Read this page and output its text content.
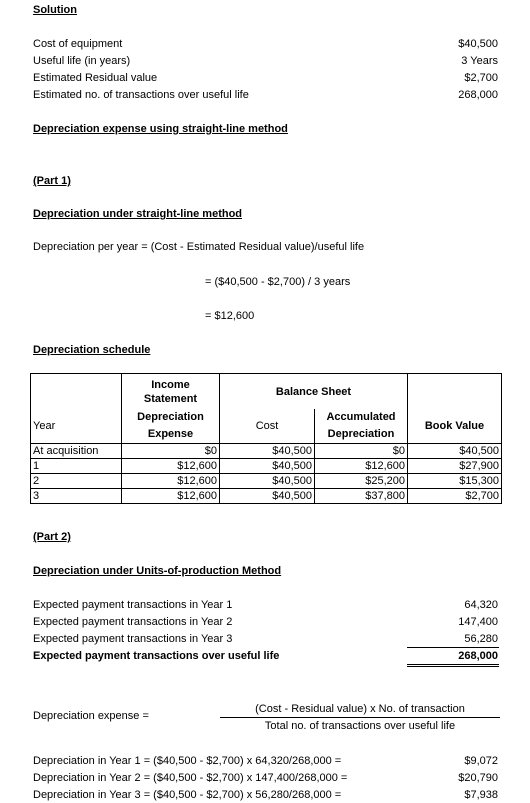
Solution
Cost of equipment	$40,500
Useful life (in years)	3 Years
Estimated Residual value	$2,700
Estimated no. of transactions over useful life	268,000
Depreciation expense using straight-line method
(Part 1)
Depreciation under straight-line method
Depreciation per year = (Cost - Estimated Residual value)/useful life
= ($40,500 - $2,700) / 3 years
= $12,600
Depreciation schedule
	Income	Balance Sheet		
	Statement			
Year	Depreciation	Cost	Accumulated	Book Value
	Expense		Depreciation	
At acquisition	$0	$40,500	$0	$40,500
1	$12,600	$40,500	$12,600	$27,900
2	$12,600	$40,500	$25,200	$15,300
3	$12,600	$40,500	$37,800	$2,700
(Part 2)
Depreciation under Units-of-production Method
Expected payment transactions in Year 1	64,320
Expected payment transactions in Year 2	147,400
Expected payment transactions in Year 3	56,280
Expected payment transactions over useful life	268,000
Depreciation expense =
(Cost - Residual value) x No. of transaction
Total no. of transactions over useful life
Depreciation in Year 1 = ($40,500 - $2,700) x 64,320/268,000 =	$9,072
Depreciation in Year 2 = ($40,500 - $2,700) x 147,400/268,000 =	$20,790
Depreciation in Year 3 = ($40,500 - $2,700) x 56,280/268,000 =	$7,938
